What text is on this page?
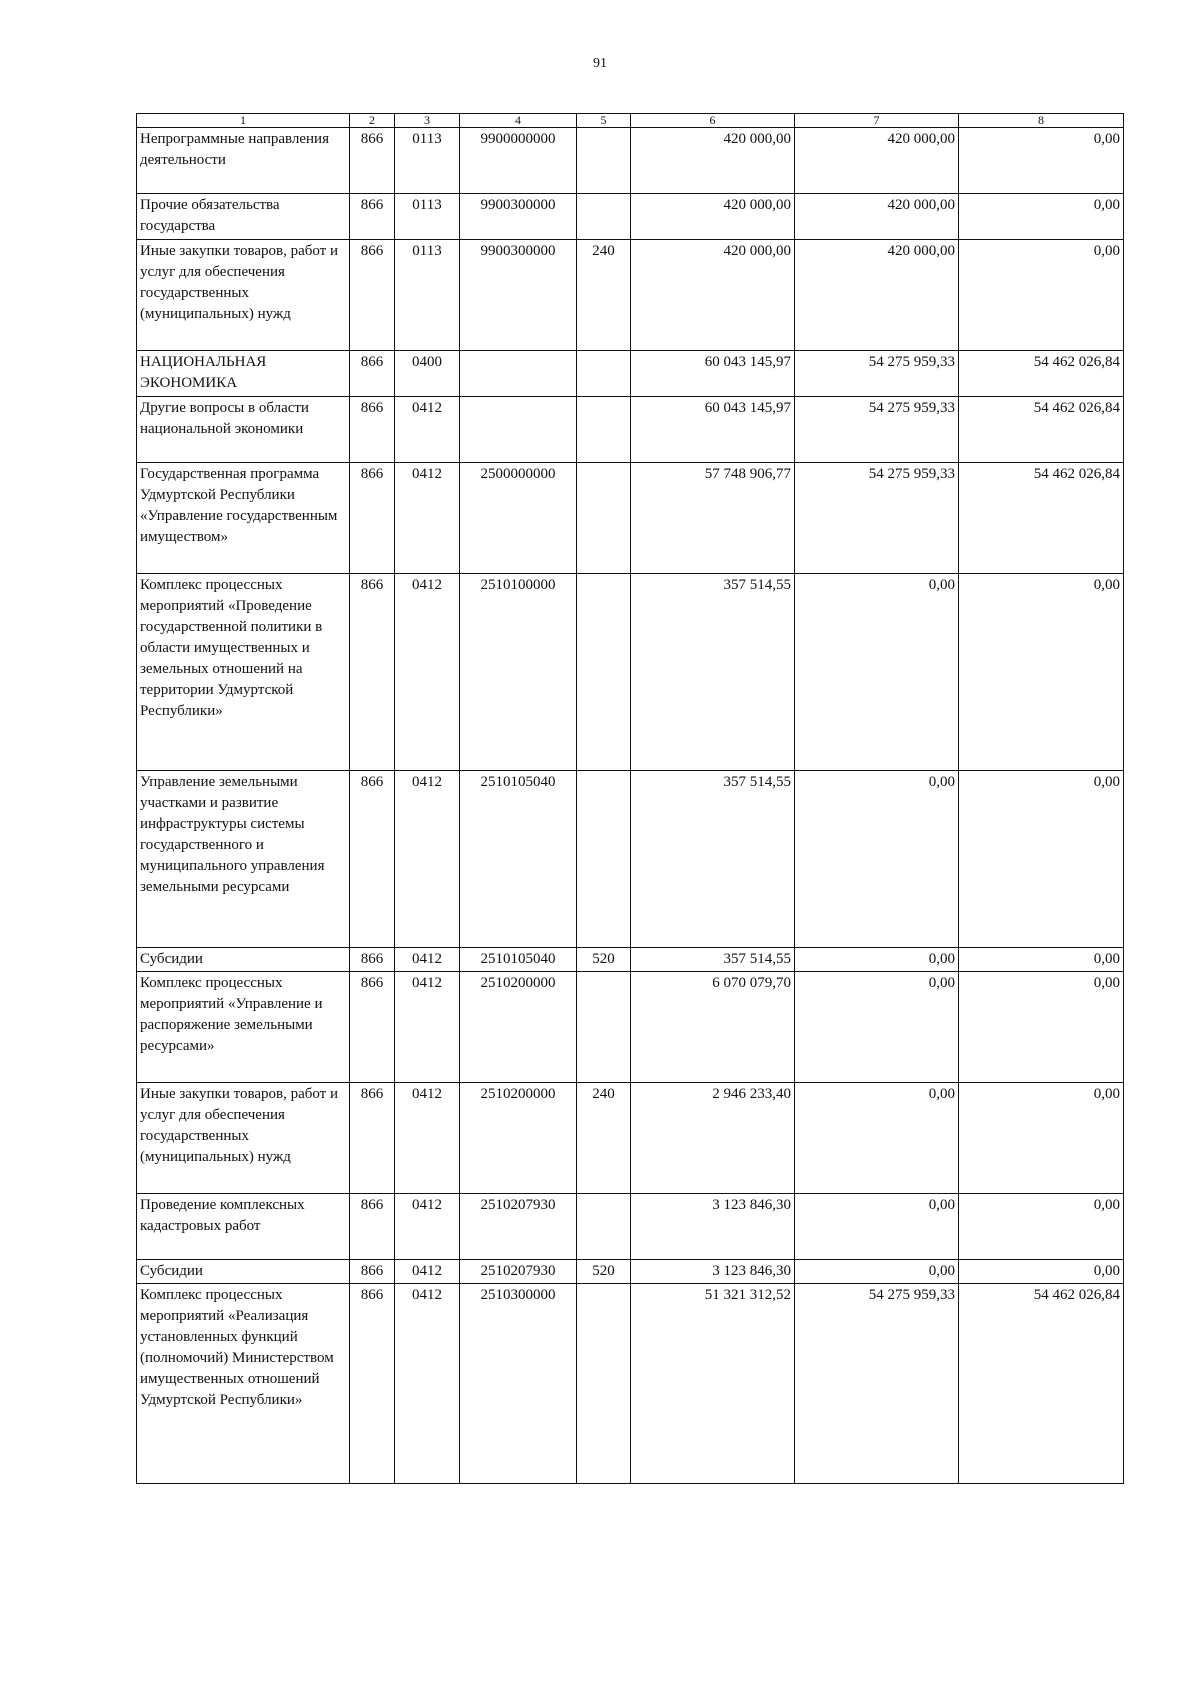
91
1	2	3	4	5	6	7	8
Непрограммные направления деятельности	866	0113	9900000000		420 000,00	420 000,00	0,00
Прочие обязательства государства	866	0113	9900300000		420 000,00	420 000,00	0,00
Иные закупки товаров, работ и услуг для обеспечения государственных (муниципальных) нужд	866	0113	9900300000	240	420 000,00	420 000,00	0,00
НАЦИОНАЛЬНАЯ ЭКОНОМИКА	866	0400			60 043 145,97	54 275 959,33	54 462 026,84
Другие вопросы в области национальной экономики	866	0412			60 043 145,97	54 275 959,33	54 462 026,84
Государственная программа Удмуртской Республики «Управление государственным имуществом»	866	0412	2500000000		57 748 906,77	54 275 959,33	54 462 026,84
Комплекс процессных мероприятий «Проведение государственной политики в области имущественных и земельных отношений на территории Удмуртской Республики»	866	0412	2510100000		357 514,55	0,00	0,00
Управление земельными участками и развитие инфраструктуры системы государственного и муниципального управления земельными ресурсами	866	0412	2510105040		357 514,55	0,00	0,00
Субсидии	866	0412	2510105040	520	357 514,55	0,00	0,00
Комплекс процессных мероприятий «Управление и распоряжение земельными ресурсами»	866	0412	2510200000		6 070 079,70	0,00	0,00
Иные закупки товаров, работ и услуг для обеспечения государственных (муниципальных) нужд	866	0412	2510200000	240	2 946 233,40	0,00	0,00
Проведение комплексных кадастровых работ	866	0412	2510207930		3 123 846,30	0,00	0,00
Субсидии	866	0412	2510207930	520	3 123 846,30	0,00	0,00
Комплекс процессных мероприятий «Реализация установленных функций (полномочий) Министерством имущественных отношений Удмуртской Республики»	866	0412	2510300000		51 321 312,52	54 275 959,33	54 462 026,84
